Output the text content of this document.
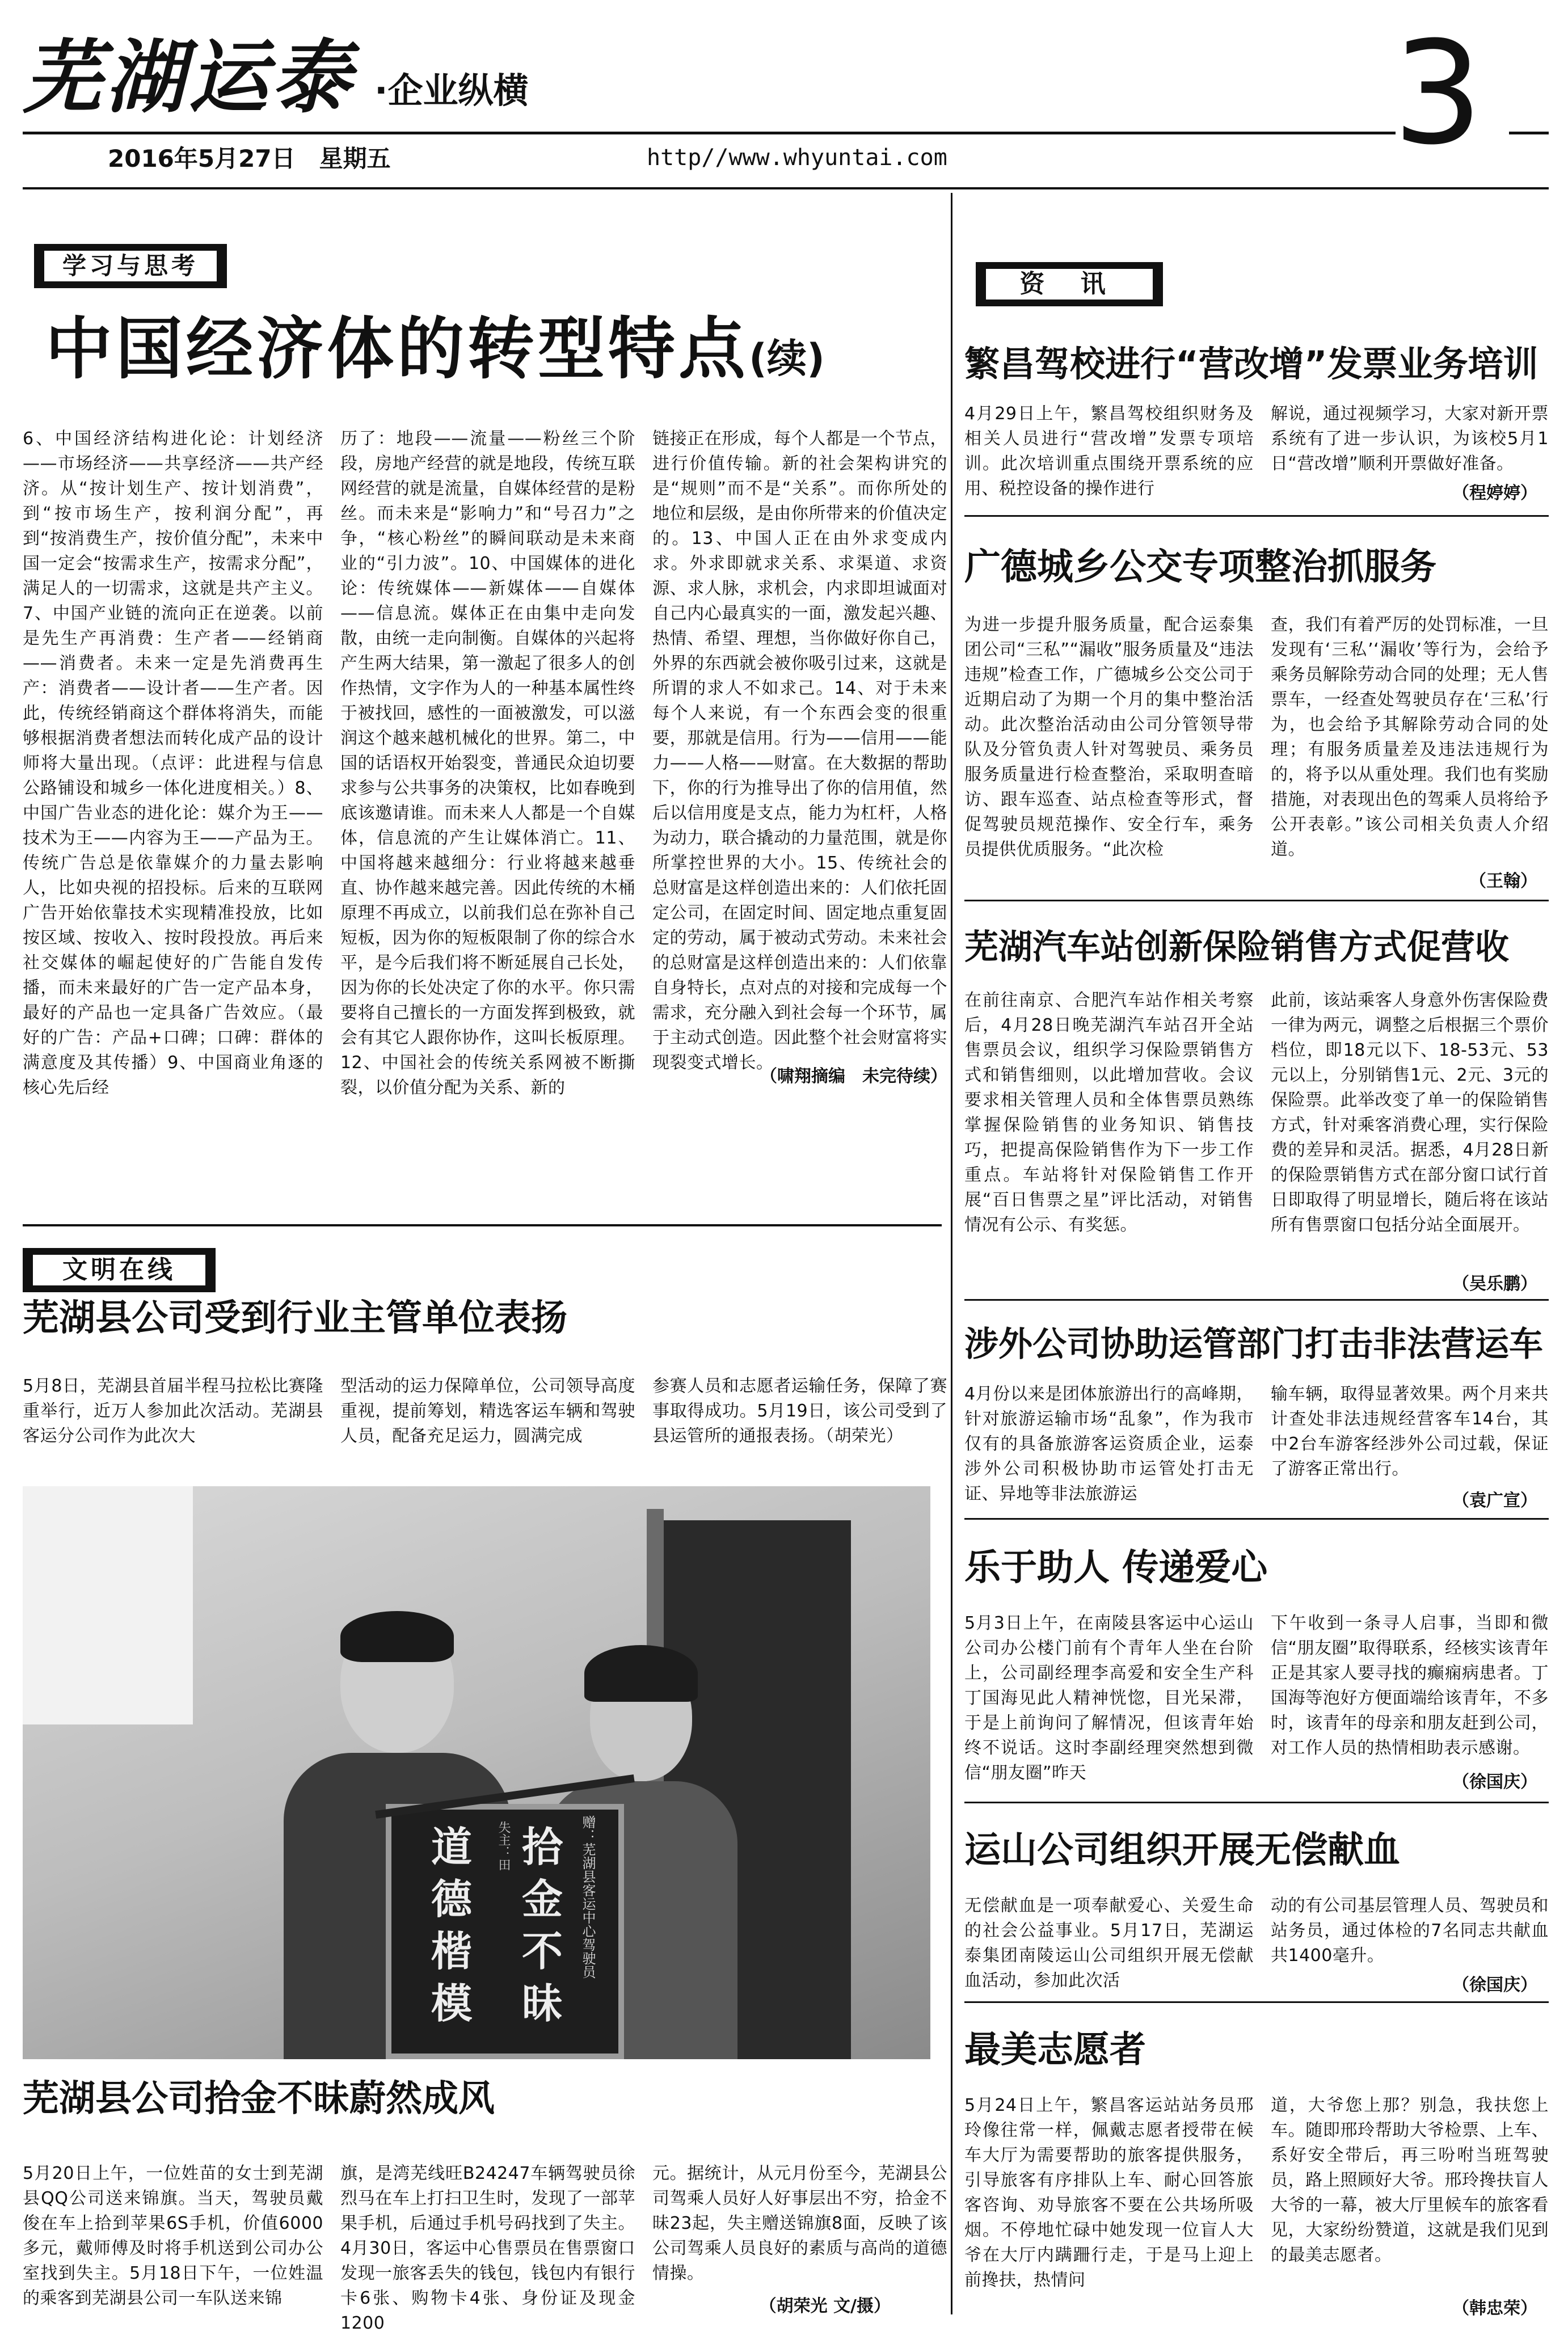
芜湖运泰 ·企业纵横
2016年5月27日　星期五	http//www.whyuntai.com	3
学习与思考
中国经济体的转型特点(续)
6、中国经济结构进化论：计划经济——市场经济——共享经济——共产经济。从“按计划生产、按计划消费”，到“按市场生产，按利润分配”，再到“按消费生产，按价值分配”，未来中国一定会“按需求生产，按需求分配”，满足人的一切需求，这就是共产主义。7、中国产业链的流向正在逆袭。以前是先生产再消费：生产者——经销商——消费者。未来一定是先消费再生产：消费者——设计者——生产者。因此，传统经销商这个群体将消失，而能够根据消费者想法而转化成产品的设计师将大量出现。（点评：此进程与信息公路铺设和城乡一体化进度相关。）8、中国广告业态的进化论：媒介为王——技术为王——内容为王——产品为王。传统广告总是依靠媒介的力量去影响人，比如央视的招投标。后来的互联网广告开始依靠技术实现精准投放，比如按区域、按收入、按时段投放。再后来社交媒体的崛起使好的广告能自发传播，而未来最好的广告一定产品本身，最好的产品也一定具备广告效应。（最好的广告：产品+口碑；口碑：群体的满意度及其传播）9、中国商业角逐的核心先后经
历了：地段——流量——粉丝三个阶段，房地产经营的就是地段，传统互联网经营的就是流量，自媒体经营的是粉丝。而未来是“影响力”和“号召力”之争，“核心粉丝”的瞬间联动是未来商业的“引力波”。10、中国媒体的进化论：传统媒体——新媒体——自媒体——信息流。媒体正在由集中走向发散，由统一走向制衡。自媒体的兴起将产生两大结果，第一激起了很多人的创作热情，文字作为人的一种基本属性终于被找回，感性的一面被激发，可以滋润这个越来越机械化的世界。第二，中国的话语权开始裂变，普通民众迫切要求参与公共事务的决策权，比如春晚到底该邀请谁。而未来人人都是一个自媒体，信息流的产生让媒体消亡。11、中国将越来越细分：行业将越来越垂直、协作越来越完善。因此传统的木桶原理不再成立，以前我们总在弥补自己短板，因为你的短板限制了你的综合水平，是今后我们将不断延展自己长处，因为你的长处决定了你的水平。你只需要将自己擅长的一方面发挥到极致，就会有其它人跟你协作，这叫长板原理。12、中国社会的传统关系网被不断撕裂，以价值分配为关系、新的
链接正在形成，每个人都是一个节点，进行价值传输。新的社会架构讲究的是“规则”而不是“关系”。而你所处的地位和层级，是由你所带来的价值决定的。13、中国人正在由外求变成内求。外求即就求关系、求渠道、求资源、求人脉，求机会，内求即坦诚面对自己内心最真实的一面，激发起兴趣、热情、希望、理想，当你做好你自己，外界的东西就会被你吸引过来，这就是所谓的求人不如求己。14、对于未来每个人来说，有一个东西会变的很重要，那就是信用。行为——信用——能力——人格——财富。在大数据的帮助下，你的行为推导出了你的信用值，然后以信用度是支点，能力为杠杆，人格为动力，联合撬动的力量范围，就是你所掌控世界的大小。15、传统社会的总财富是这样创造出来的：人们依托固定公司，在固定时间、固定地点重复固定的劳动，属于被动式劳动。未来社会的总财富是这样创造出来的：人们依靠自身特长，点对点的对接和完成每一个需求，充分融入到社会每一个环节，属于主动式创造。因此整个社会财富将实现裂变式增长。
（啸翔摘编　未完待续）
文明在线
芜湖县公司受到行业主管单位表扬
5月8日，芜湖县首届半程马拉松比赛隆重举行，近万人参加此次活动。芜湖县客运分公司作为此次大
型活动的运力保障单位，公司领导高度重视，提前筹划，精选客运车辆和驾驶人员，配备充足运力，圆满完成
参赛人员和志愿者运输任务，保障了赛事取得成功。5月19日，该公司受到了县运管所的通报表扬。（胡荣光）
拾
金
不
昧
道
德
楷
模
赠：芜湖县客运中心驾驶员
失主：田
芜湖县公司拾金不昧蔚然成风
5月20日上午，一位姓苗的女士到芜湖县QQ公司送来锦旗。当天，驾驶员戴俊在车上拾到苹果6S手机，价值6000多元，戴师傅及时将手机送到公司办公室找到失主。5月18日下午，一位姓温的乘客到芜湖县公司一车队送来锦
旗，是湾芜线旺B24247车辆驾驶员徐烈马在车上打扫卫生时，发现了一部苹果手机，后通过手机号码找到了失主。4月30日，客运中心售票员在售票窗口发现一旅客丢失的钱包，钱包内有银行卡6张、购物卡4张、身份证及现金1200
元。据统计，从元月份至今，芜湖县公司驾乘人员好人好事层出不穷，拾金不昧23起，失主赠送锦旗8面，反映了该公司驾乘人员良好的素质与高尚的道德情操。
（胡荣光 文/摄）
资 讯
繁昌驾校进行“营改增”发票业务培训
4月29日上午，繁昌驾校组织财务及相关人员进行“营改增”发票专项培训。此次培训重点围绕开票系统的应用、税控设备的操作进行
解说，通过视频学习，大家对新开票系统有了进一步认识，为该校5月1日“营改增”顺利开票做好准备。
（程婷婷）
广德城乡公交专项整治抓服务
为进一步提升服务质量，配合运泰集团公司“三私”“漏收”服务质量及“违法违规”检查工作，广德城乡公交公司于近期启动了为期一个月的集中整治活动。此次整治活动由公司分管领导带队及分管负责人针对驾驶员、乘务员服务质量进行检查整治，采取明查暗访、跟车巡查、站点检查等形式，督促驾驶员规范操作、安全行车，乘务员提供优质服务。“此次检
查，我们有着严厉的处罚标准，一旦发现有‘三私’‘漏收’等行为，会给予乘务员解除劳动合同的处理；无人售票车，一经查处驾驶员存在‘三私’行为，也会给予其解除劳动合同的处理；有服务质量差及违法违规行为的，将予以从重处理。我们也有奖励措施，对表现出色的驾乘人员将给予公开表彰。”该公司相关负责人介绍道。
（王翰）
芜湖汽车站创新保险销售方式促营收
在前往南京、合肥汽车站作相关考察后，4月28日晚芜湖汽车站召开全站售票员会议，组织学习保险票销售方式和销售细则，以此增加营收。会议要求相关管理人员和全体售票员熟练掌握保险销售的业务知识、销售技巧，把提高保险销售作为下一步工作重点。车站将针对保险销售工作开展“百日售票之星”评比活动，对销售情况有公示、有奖惩。
此前，该站乘客人身意外伤害保险费一律为两元，调整之后根据三个票价档位，即18元以下、18-53元、53元以上，分别销售1元、2元、3元的保险票。此举改变了单一的保险销售方式，针对乘客消费心理，实行保险费的差异和灵活。据悉，4月28日新的保险票销售方式在部分窗口试行首日即取得了明显增长，随后将在该站所有售票窗口包括分站全面展开。
（吴乐鹏）
涉外公司协助运管部门打击非法营运车
4月份以来是团体旅游出行的高峰期，针对旅游运输市场“乱象”，作为我市仅有的具备旅游客运资质企业，运泰涉外公司积极协助市运管处打击无证、异地等非法旅游运
输车辆，取得显著效果。两个月来共计查处非法违规经营客车14台，其中2台车游客经涉外公司过载，保证了游客正常出行。
（袁广宣）
乐于助人 传递爱心
5月3日上午，在南陵县客运中心运山公司办公楼门前有个青年人坐在台阶上，公司副经理李高爱和安全生产科丁国海见此人精神恍惚，目光呆滞，于是上前询问了解情况，但该青年始终不说话。这时李副经理突然想到微信“朋友圈”昨天
下午收到一条寻人启事，当即和微信“朋友圈”取得联系，经核实该青年正是其家人要寻找的癫痫病患者。丁国海等泡好方便面端给该青年，不多时，该青年的母亲和朋友赶到公司，对工作人员的热情相助表示感谢。
（徐国庆）
运山公司组织开展无偿献血
无偿献血是一项奉献爱心、关爱生命的社会公益事业。5月17日，芜湖运泰集团南陵运山公司组织开展无偿献血活动，参加此次活
动的有公司基层管理人员、驾驶员和站务员，通过体检的7名同志共献血共1400毫升。
（徐国庆）
最美志愿者
5月24日上午，繁昌客运站站务员邢玲像往常一样，佩戴志愿者授带在候车大厅为需要帮助的旅客提供服务，引导旅客有序排队上车、耐心回答旅客咨询、劝导旅客不要在公共场所吸烟。不停地忙碌中她发现一位盲人大爷在大厅内蹒跚行走，于是马上迎上前搀扶，热情问
道，大爷您上那？别急，我扶您上车。随即邢玲帮助大爷检票、上车、系好安全带后，再三吩咐当班驾驶员，路上照顾好大爷。邢玲搀扶盲人大爷的一幕，被大厅里候车的旅客看见，大家纷纷赞道，这就是我们见到的最美志愿者。
（韩忠荣）
